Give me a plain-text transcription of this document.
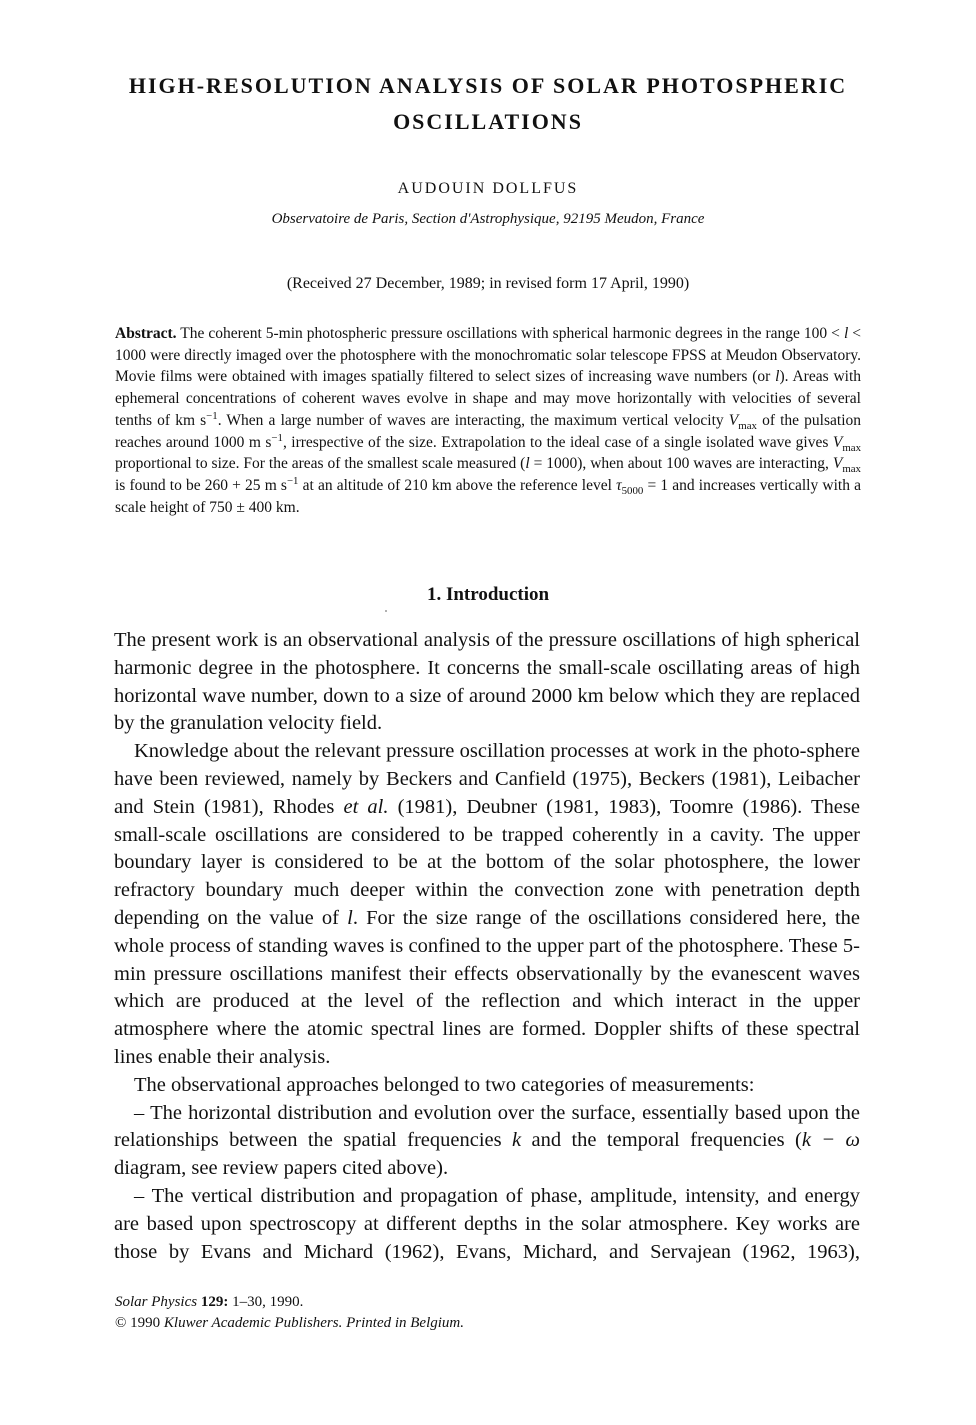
HIGH-RESOLUTION ANALYSIS OF SOLAR PHOTOSPHERIC
OSCILLATIONS
AUDOUIN DOLLFUS
Observatoire de Paris, Section d'Astrophysique, 92195 Meudon, France
(Received 27 December, 1989; in revised form 17 April, 1990)
Abstract. The coherent 5-min photospheric pressure oscillations with spherical harmonic degrees in the range 100 < l < 1000 were directly imaged over the photosphere with the monochromatic solar telescope FPSS at Meudon Observatory. Movie films were obtained with images spatially filtered to select sizes of increasing wave numbers (or l). Areas with ephemeral concentrations of coherent waves evolve in shape and may move horizontally with velocities of several tenths of km $s^{-1}$. When a large number of waves are interacting, the maximum vertical velocity $V_{max}$ of the pulsation reaches around 1000 m $s^{-1}$, irrespective of the size. Extrapolation to the ideal case of a single isolated wave gives $V_{max}$ proportional to size. For the areas of the smallest scale measured (l = 1000), when about 100 waves are interacting, $V_{max}$ is found to be 260 + 25 m $s^{-1}$ at an altitude of 210 km above the reference level $\tau_{5000} = 1$ and increases vertically with a scale height of 750 ± 400 km.
1. Introduction

The present work is an observational analysis of the pressure oscillations of high spherical harmonic degree in the photosphere. It concerns the small-scale oscillating areas of high horizontal wave number, down to a size of around 2000 km below which they are replaced by the granulation velocity field.

Knowledge about the relevant pressure oscillation processes at work in the photo-sphere have been reviewed, namely by Beckers and Canfield (1975), Beckers (1981), Leibacher and Stein (1981), Rhodes et al. (1981), Deubner (1981, 1983), Toomre (1986). These small-scale oscillations are considered to be trapped coherently in a cavity. The upper boundary layer is considered to be at the bottom of the solar photosphere, the lower refractory boundary much deeper within the convection zone with penetration depth depending on the value of l. For the size range of the oscillations considered here, the whole process of standing waves is confined to the upper part of the photosphere. These 5-min pressure oscillations manifest their effects observationally by the evanescent waves which are produced at the level of the reflection and which interact in the upper atmosphere where the atomic spectral lines are formed. Doppler shifts of these spectral lines enable their analysis.

The observational approaches belonged to two categories of measurements:

– The horizontal distribution and evolution over the surface, essentially based upon the relationships between the spatial frequencies k and the temporal frequencies (k − ω diagram, see review papers cited above).

– The vertical distribution and propagation of phase, amplitude, intensity, and energy are based upon spectroscopy at different depths in the solar atmosphere. Key works are those by Evans and Michard (1962), Evans, Michard, and Servajean (1962, 1963),

Solar Physics 129: 1–30, 1990.
© 1990 Kluwer Academic Publishers. Printed in Belgium.
